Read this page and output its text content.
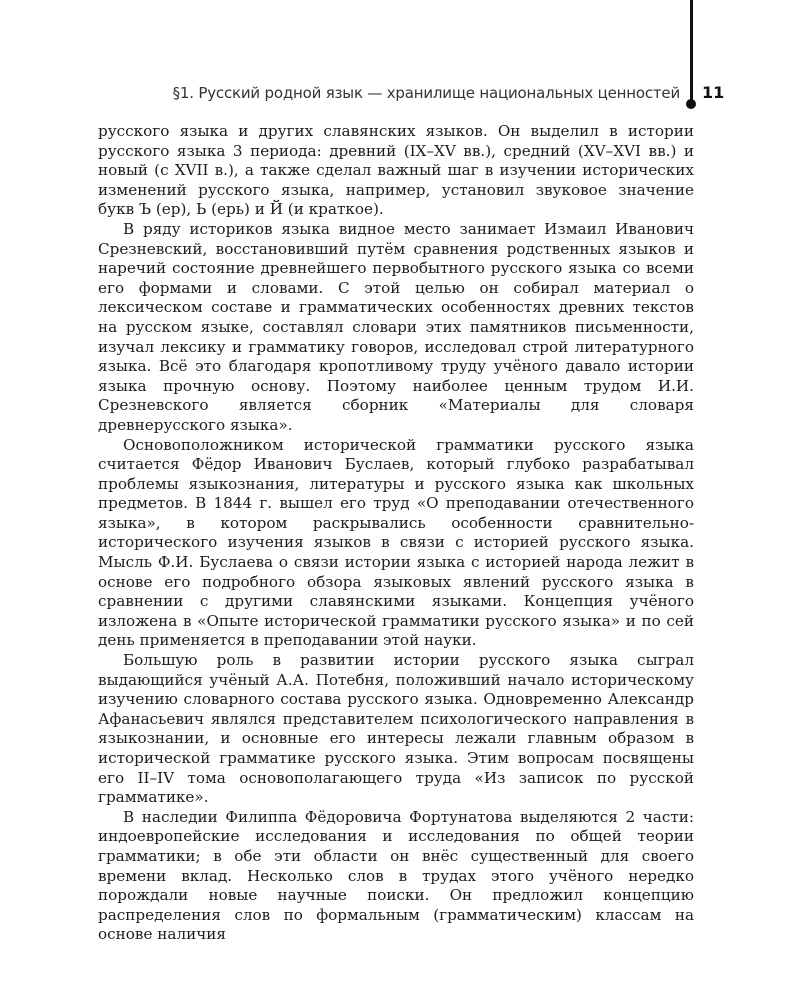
§1. Русский родной язык — хранилище национальных ценностей 11

русского языка и других славянских языков. Он выделил в истории русского языка 3 периода: древний (IX–XV вв.), средний (XV–XVI вв.) и новый (с XVII в.), а также сделал важный шаг в изучении исторических изменений русского языка, например, установил звуковое значение букв Ъ (ер), Ь (ерь) и Й (и краткое).

В ряду историков языка видное место занимает Измаил Иванович Срезневский, восстановивший путём сравнения родственных языков и наречий состояние древнейшего первобытного русского языка со всеми его формами и словами. С этой целью он собирал материал о лексическом составе и грамматических особенностях древних текстов на русском языке, составлял словари этих памятников письменности, изучал лексику и грамматику говоров, исследовал строй литературного языка. Всё это благодаря кропотливому труду учёного давало истории языка прочную основу. Поэтому наиболее ценным трудом И.И. Срезневского является сборник «Материалы для словаря древнерусского языка».

Основоположником исторической грамматики русского языка считается Фёдор Иванович Буслаев, который глубоко разрабатывал проблемы языкознания, литературы и русского языка как школьных предметов. В 1844 г. вышел его труд «О преподавании отечественного языка», в котором раскрывались особенности сравнительно-исторического изучения языков в связи с историей русского языка. Мысль Ф.И. Буслаева о связи истории языка с историей народа лежит в основе его подробного обзора языковых явлений русского языка в сравнении с другими славянскими языками. Концепция учёного изложена в «Опыте исторической грамматики русского языка» и по сей день применяется в преподавании этой науки.

Большую роль в развитии истории русского языка сыграл выдающийся учёный А.А. Потебня, положивший начало историческому изучению словарного состава русского языка. Одновременно Александр Афанасьевич являлся представителем психологического направления в языкознании, и основные его интересы лежали главным образом в исторической грамматике русского языка. Этим вопросам посвящены его II–IV тома основополагающего труда «Из записок по русской грамматике».

В наследии Филиппа Фёдоровича Фортунатова выделяются 2 части: индоевропейские исследования и исследования по общей теории грамматики; в обе эти области он внёс существенный для своего времени вклад. Несколько слов в трудах этого учёного нередко порождали новые научные поиски. Он предложил концепцию распределения слов по формальным (грамматическим) классам на основе наличия
